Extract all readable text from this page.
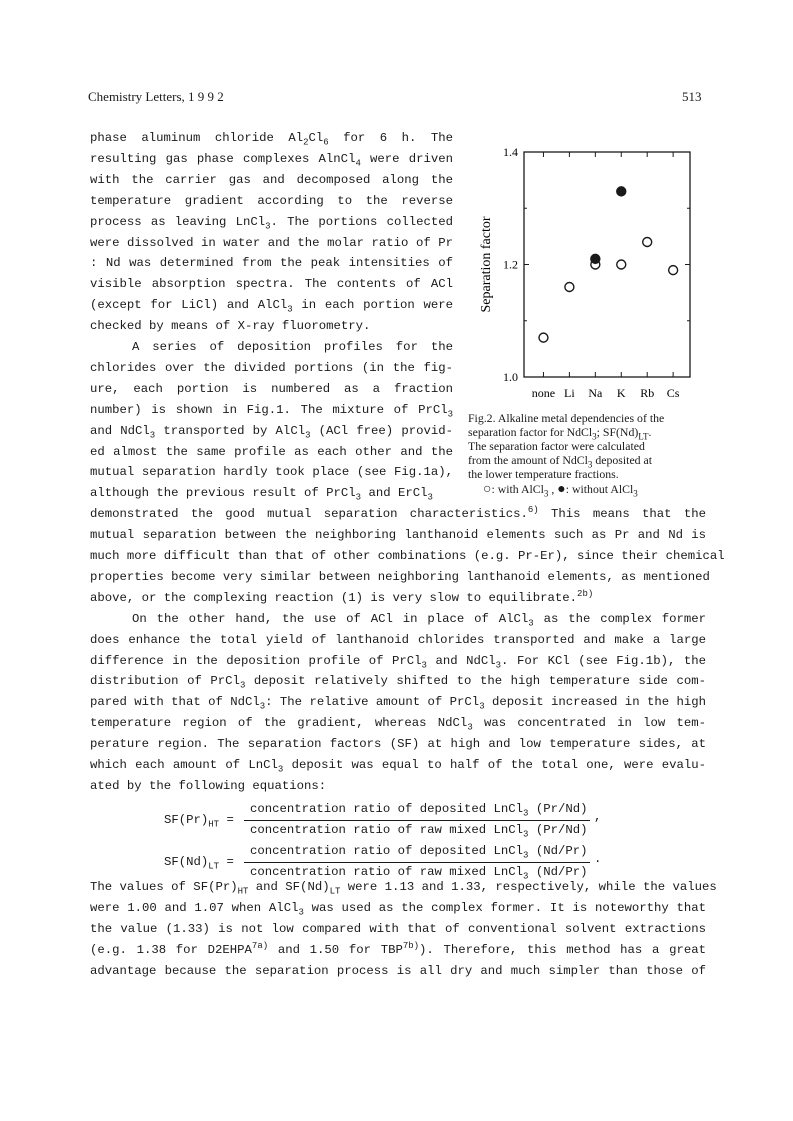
Chemistry Letters, 1 9 9 2	513
phase aluminum chloride $Al_2Cl_6$ for 6 h. The
resulting gas phase complexes AlnCl$_4$ were driven
with the carrier gas and decomposed along the
temperature gradient according to the reverse
process as leaving LnCl$_3$. The portions collected
were dissolved in water and the molar ratio of Pr
: Nd was determined from the peak intensities of
visible absorption spectra. The contents of ACl
(except for LiCl) and AlCl$_3$ in each portion were
checked by means of X-ray fluorometry.
A series of deposition profiles for the
chlorides over the divided portions (in the fig-
ure, each portion is numbered as a fraction
number) is shown in Fig.1. The mixture of PrCl$_3$
and NdCl$_3$ transported by AlCl$_3$ (ACl free) provid-
ed almost the same profile as each other and the
mutual separation hardly took place (see Fig.1a),
although the previous result of PrCl$_3$ and ErCl$_3$
demonstrated the good mutual separation characteristics.$^{6)}$ This means that the
mutual separation between the neighboring lanthanoid elements such as Pr and Nd is
much more difficult than that of other combinations (e.g. Pr-Er), since their chemical
properties become very similar between neighboring lanthanoid elements, as mentioned
above, or the complexing reaction (1) is very slow to equilibrate.$^{2b)}$
On the other hand, the use of ACl in place of AlCl$_3$ as the complex former
does enhance the total yield of lanthanoid chlorides transported and make a large
difference in the deposition profile of PrCl$_3$ and NdCl$_3$. For KCl (see Fig.1b), the
distribution of PrCl$_3$ deposit relatively shifted to the high temperature side com-
pared with that of NdCl$_3$: The relative amount of PrCl$_3$ deposit increased in the high
temperature region of the gradient, whereas NdCl$_3$ was concentrated in low tem-
perature region. The separation factors (SF) at high and low temperature sides, at
which each amount of LnCl$_3$ deposit was equal to half of the total one, were evalu-
ated by the following equations:
$SF(Pr)_{HT}$ =
concentration ratio of deposited LnCl$_3$ (Pr/Nd)
concentration ratio of raw mixed LnCl$_3$ (Pr/Nd)
,
$SF(Nd)_{LT}$ =
concentration ratio of deposited LnCl$_3$ (Nd/Pr)
concentration ratio of raw mixed LnCl$_3$ (Nd/Pr)
.
The values of $SF(Pr)_{HT}$ and $SF(Nd)_{LT}$ were 1.13 and 1.33, respectively, while the values
were 1.00 and 1.07 when AlCl$_3$ was used as the complex former. It is noteworthy that
the value (1.33) is not low compared with that of conventional solvent extractions
(e.g. 1.38 for $D2EHPA^{7a)}$ and 1.50 for $TBP^{7b)}$). Therefore, this method has a great
advantage because the separation process is all dry and much simpler than those of
1.0
1.2
1.4
none Li Na K Rb Cs
Separation factor
Fig.2. Alkaline metal dependencies of the
separation factor for NdCl$_3$; $SF(Nd)_{LT}$.
The separation factor were calculated
from the amount of NdCl$_3$ deposited at
the lower temperature fractions.
○: with AlCl$_3$ , ●: without AlCl$_3$
